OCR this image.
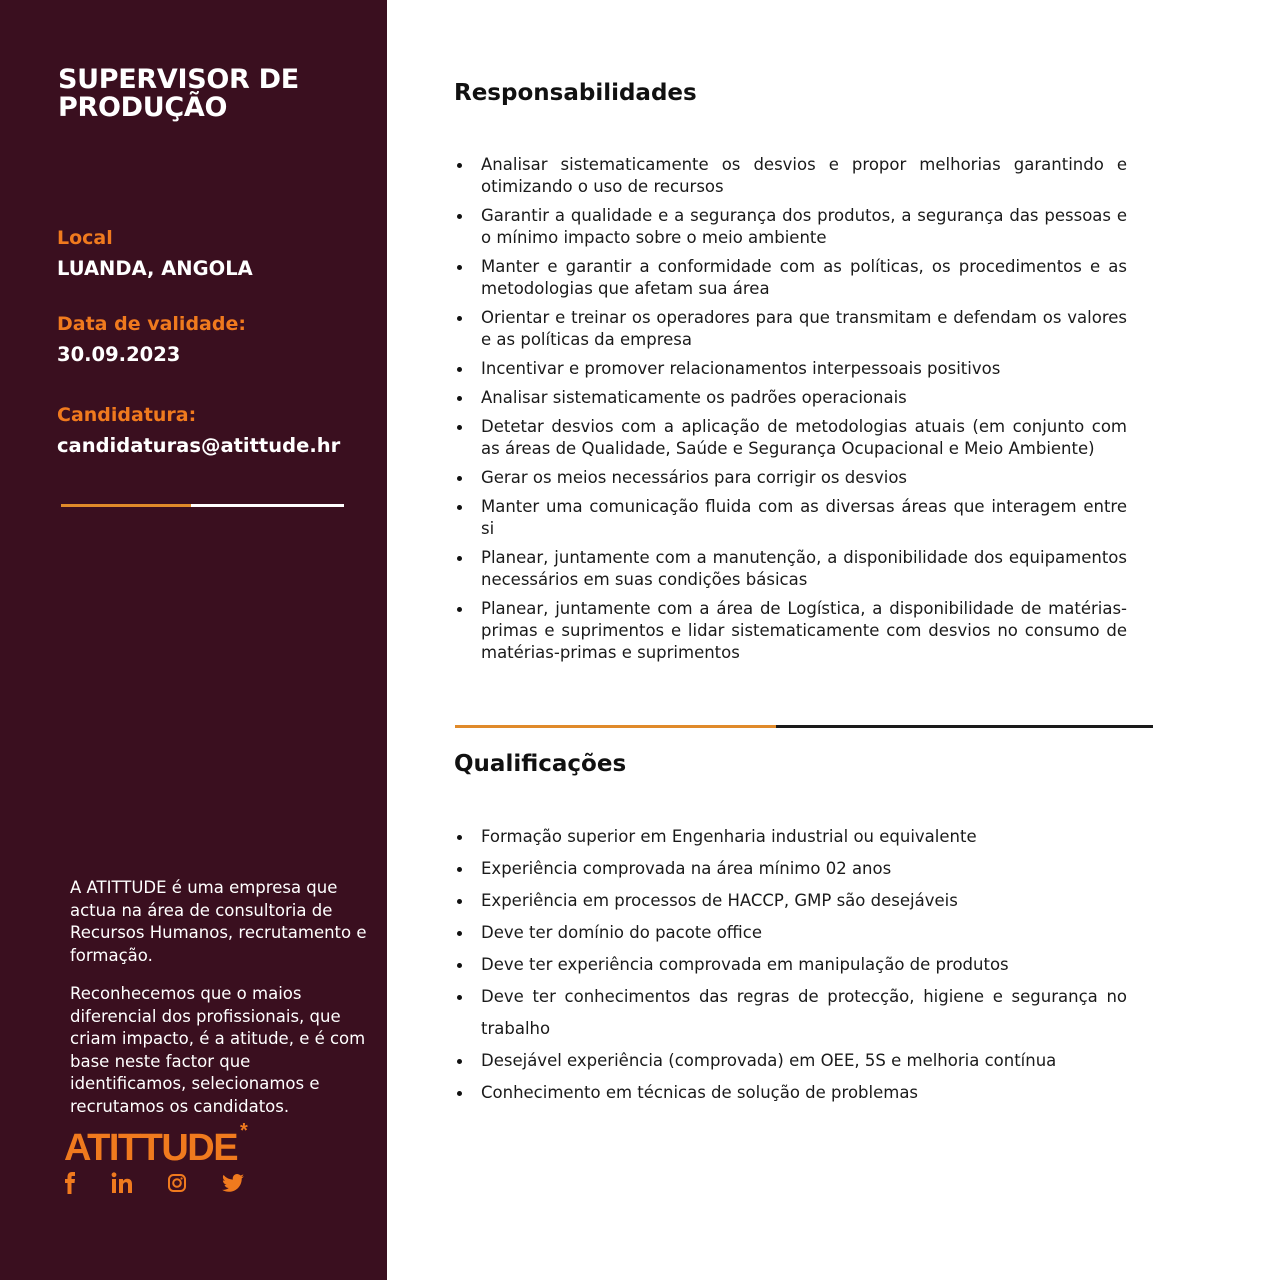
SUPERVISOR DE PRODUÇÃO
Local
LUANDA, ANGOLA
Data de validade:
30.09.2023
Candidatura:
candidaturas@atittude.hr

A ATITTUDE é uma empresa que actua na área de consultoria de Recursos Humanos, recrutamento e formação.

Reconhecemos que o maios diferencial dos profissionais, que criam impacto, é a atitude, e é com base neste factor que identificamos, selecionamos e recrutamos os candidatos.

ATITTUDE *
Responsabilidades
Analisar sistematicamente os desvios e propor melhorias garantindo e otimizando o uso de recursos
Garantir a qualidade e a segurança dos produtos, a segurança das pessoas e o mínimo impacto sobre o meio ambiente
Manter e garantir a conformidade com as políticas, os procedimentos e as metodologias que afetam sua área
Orientar e treinar os operadores para que transmitam e defendam os valores e as políticas da empresa
Incentivar e promover relacionamentos interpessoais positivos
Analisar sistematicamente os padrões operacionais
Detetar desvios com a aplicação de metodologias atuais (em conjunto com as áreas de Qualidade, Saúde e Segurança Ocupacional e Meio Ambiente)
Gerar os meios necessários para corrigir os desvios
Manter uma comunicação fluida com as diversas áreas que interagem entre si
Planear, juntamente com a manutenção, a disponibilidade dos equipamentos necessários em suas condições básicas
Planear, juntamente com a área de Logística, a disponibilidade de matérias-primas e suprimentos e lidar sistematicamente com desvios no consumo de matérias-primas e suprimentos
Qualificações
Formação superior em Engenharia industrial ou equivalente
Experiência comprovada na área mínimo 02 anos
Experiência em processos de HACCP, GMP são desejáveis
Deve ter domínio do pacote office
Deve ter experiência comprovada em manipulação de produtos
Deve ter conhecimentos das regras de protecção, higiene e segurança no trabalho
Desejável experiência (comprovada) em OEE, 5S e melhoria contínua
Conhecimento em técnicas de solução de problemas
